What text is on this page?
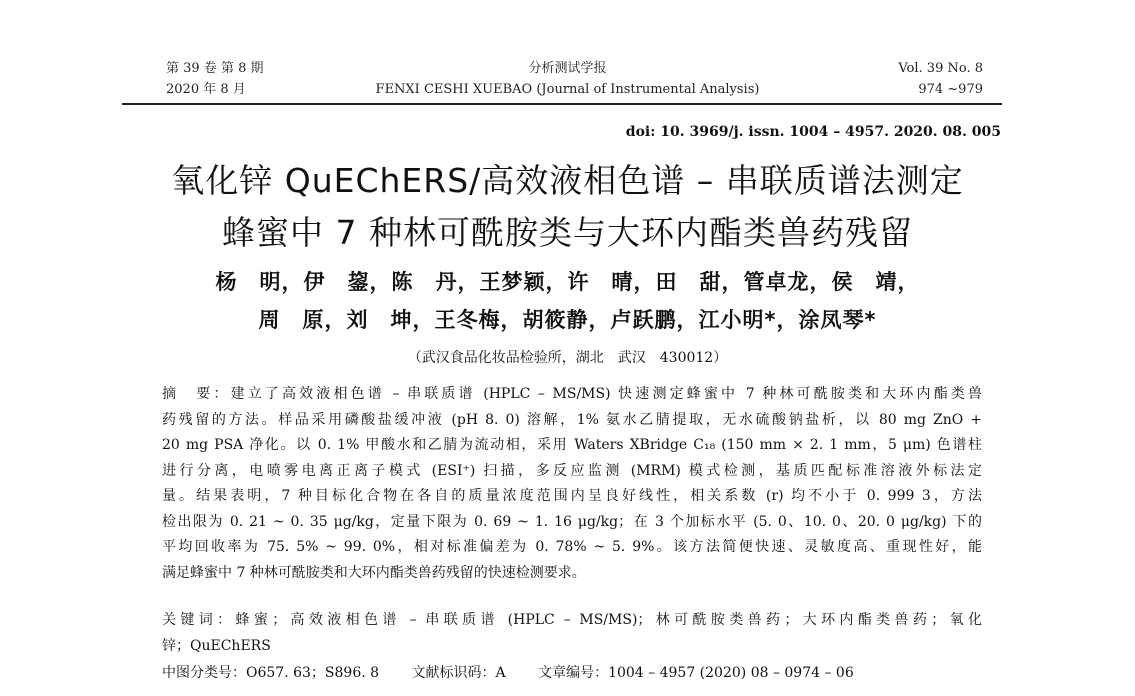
第 39 卷 第 8 期
2020 年 8 月
分析测试学报
FENXI CESHI XUEBAO (Journal of Instrumental Analysis)
Vol. 39 No. 8
974 ~979
doi: 10. 3969/j. issn. 1004 – 4957. 2020. 08. 005
氧化锌 QuEChERS/高效液相色谱 – 串联质谱法测定
蜂蜜中 7 种林可酰胺类与大环内酯类兽药残留
杨　明，伊　鋆，陈　丹，王梦颖，许　晴，田　甜，管卓龙，侯　靖，
周　原，刘　坤，王冬梅，胡筱静，卢跃鹏，江小明*，涂凤琴*
（武汉食品化妆品检验所，湖北　武汉　430012）
摘　要：建立了高效液相色谱 – 串联质谱 (HPLC – MS/MS) 快速测定蜂蜜中 7 种林可酰胺类和大环内酯类兽
药残留的方法。样品采用磷酸盐缓冲液 (pH 8. 0) 溶解，1% 氨水乙腈提取，无水硫酸钠盐析，以 80 mg ZnO +
20 mg PSA 净化。以 0. 1% 甲酸水和乙腈为流动相，采用 Waters XBridge C₁₈ (150 mm × 2. 1 mm，5 μm) 色谱柱
进行分离，电喷雾电离正离子模式 (ESI⁺) 扫描，多反应监测 (MRM) 模式检测，基质匹配标准溶液外标法定
量。结果表明，7 种目标化合物在各自的质量浓度范围内呈良好线性，相关系数 (r) 均不小于 0. 999 3，方法
检出限为 0. 21 ~ 0. 35 μg/kg，定量下限为 0. 69 ~ 1. 16 μg/kg；在 3 个加标水平 (5. 0、10. 0、20. 0 μg/kg) 下的
平均回收率为 75. 5% ~ 99. 0%，相对标准偏差为 0. 78% ~ 5. 9%。该方法简便快速、灵敏度高、重现性好，能
满足蜂蜜中 7 种林可酰胺类和大环内酯类兽药残留的快速检测要求。
关键词：蜂蜜；高效液相色谱 – 串联质谱 (HPLC – MS/MS)；林可酰胺类兽药；大环内酯类兽药；氧化
锌；QuEChERS
中图分类号：O657. 63；S896. 8 文献标识码：A 文章编号：1004 – 4957 (2020) 08 – 0974 – 06
